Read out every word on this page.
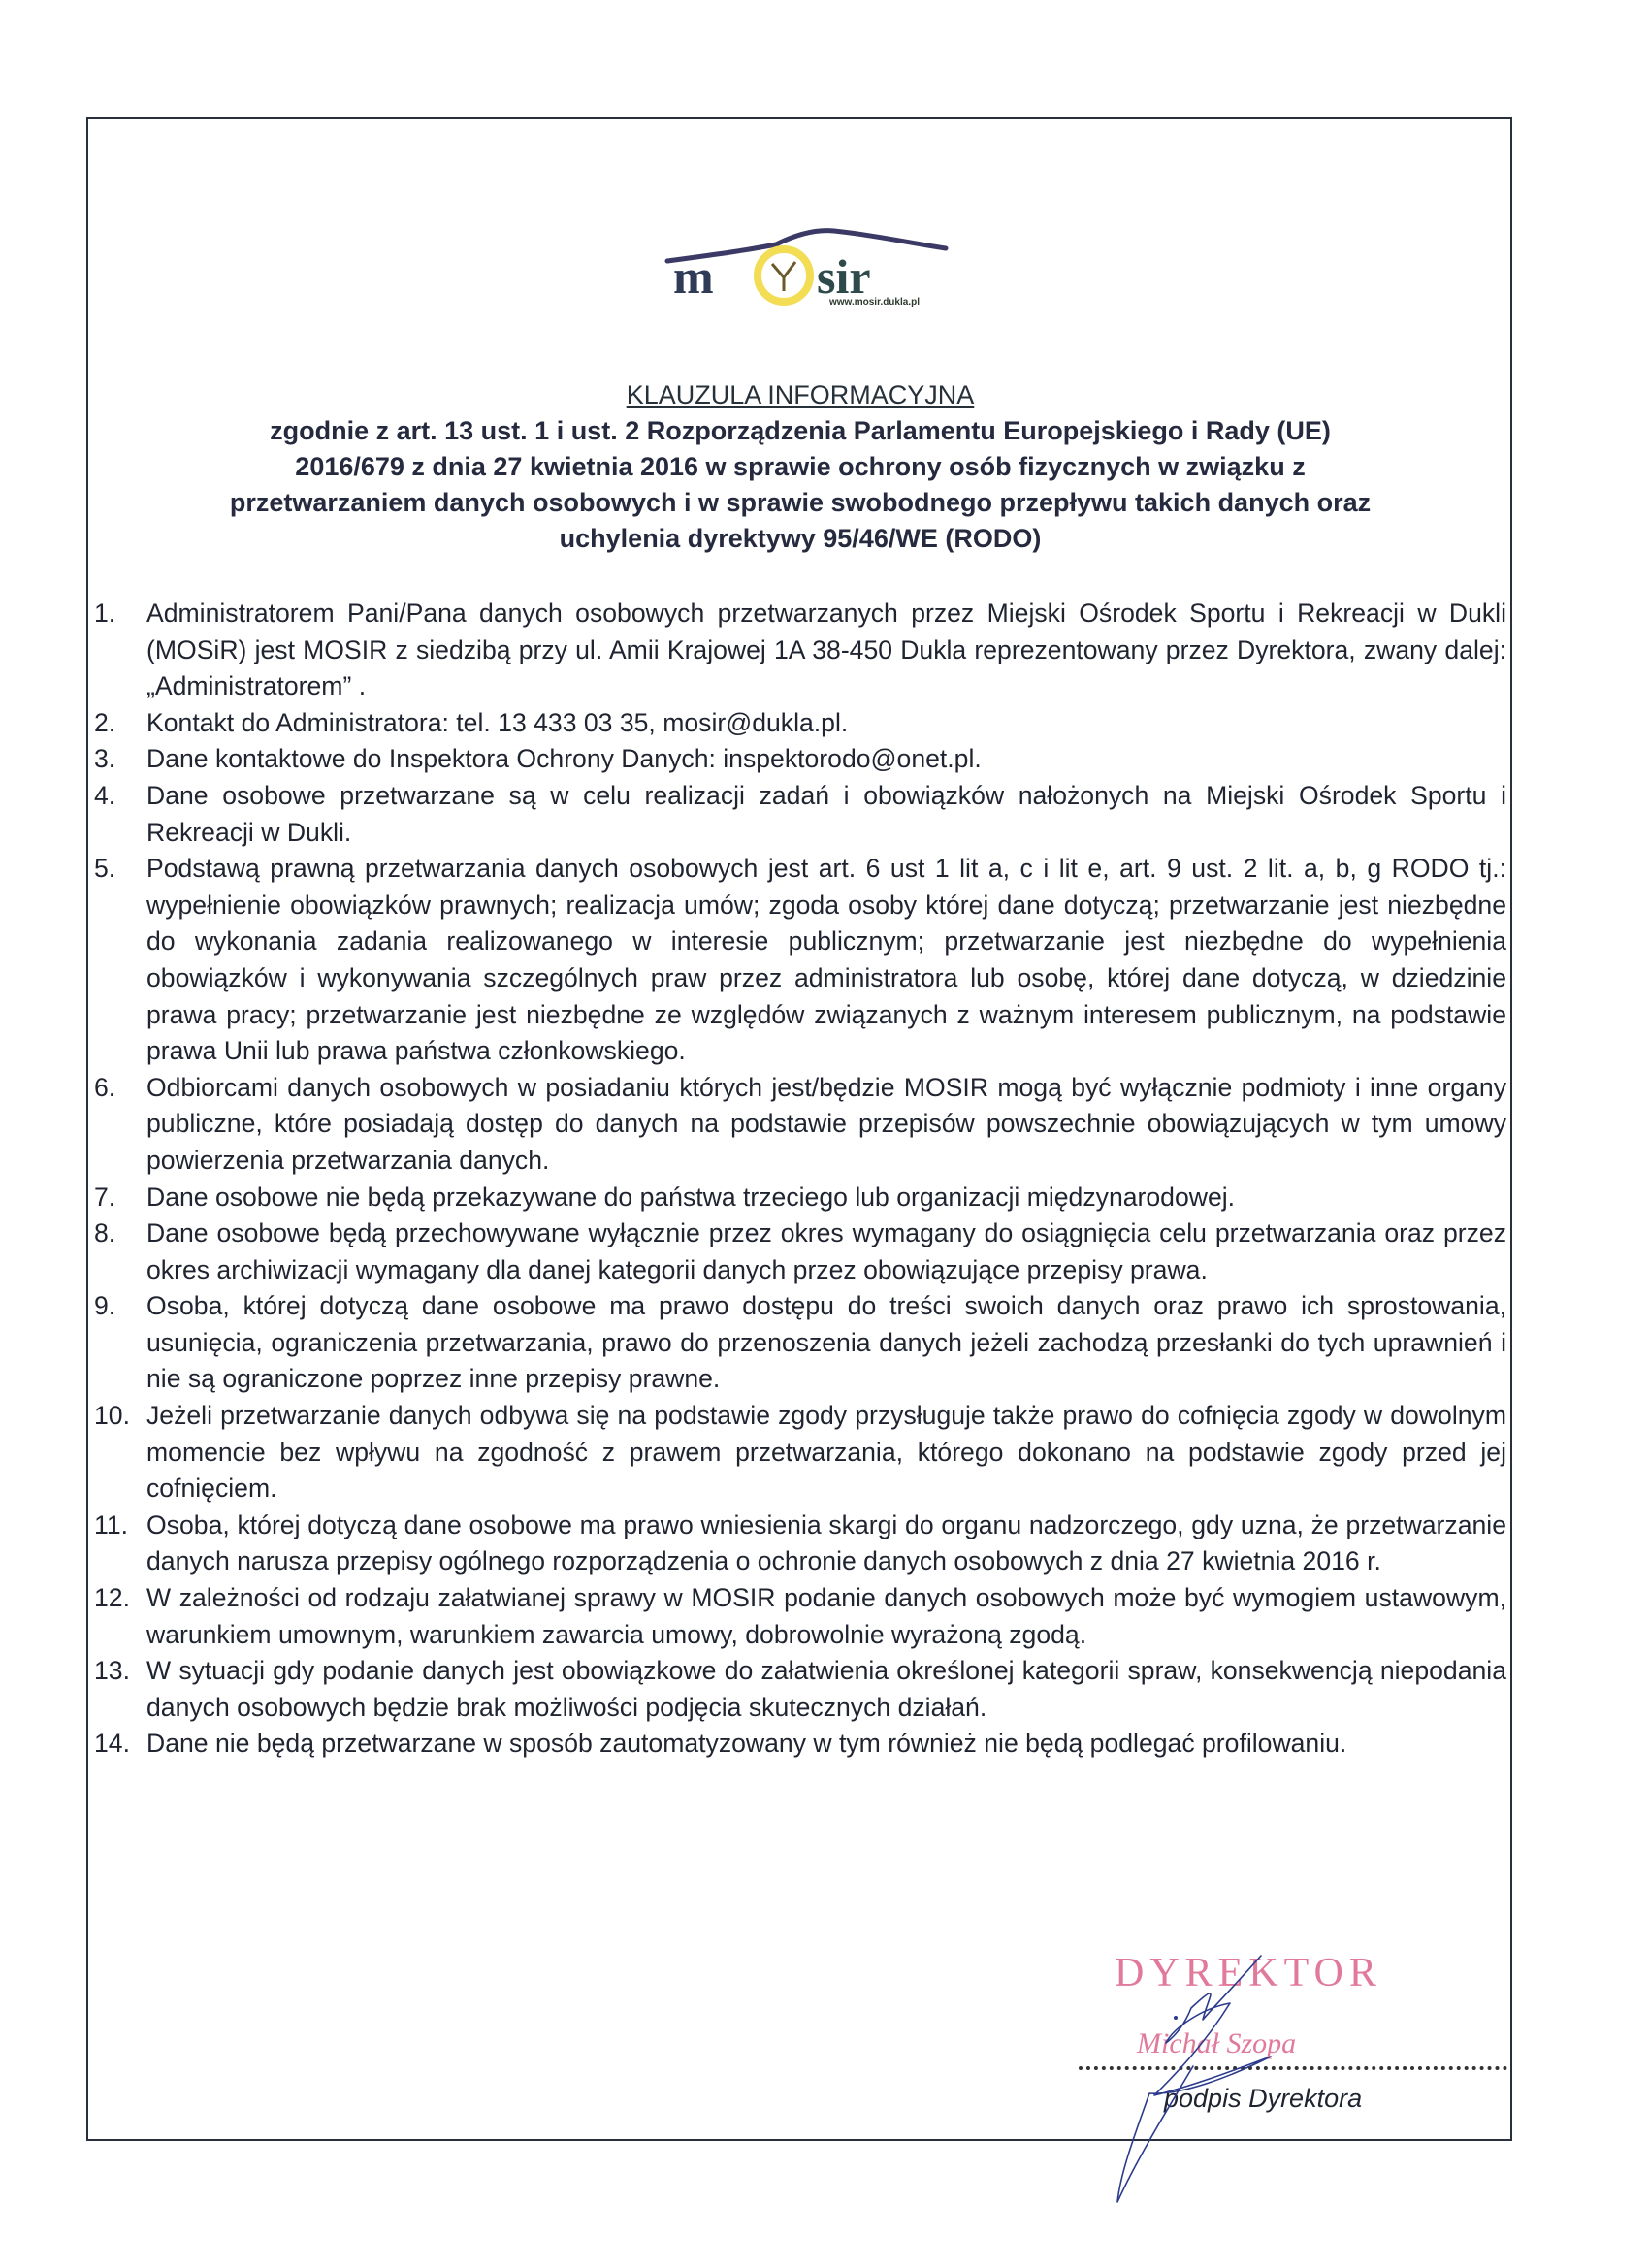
m sir
www.mosir.dukla.pl
KLAUZULA INFORMACYJNA
zgodnie z art. 13 ust. 1 i ust. 2 Rozporządzenia Parlamentu Europejskiego i Rady (UE)
2016/679 z dnia 27 kwietnia 2016 w sprawie ochrony osób fizycznych w związku z
przetwarzaniem danych osobowych i w sprawie swobodnego przepływu takich danych oraz
uchylenia dyrektywy 95/46/WE (RODO)
1.	Administratorem Pani/Pana danych osobowych przetwarzanych przez Miejski Ośrodek Sportu i Rekreacji w Dukli (MOSiR) jest MOSIR z siedzibą przy ul. Amii Krajowej 1A 38-450 Dukla reprezentowany przez Dyrektora, zwany dalej: „Administratorem” .
2.	Kontakt do Administratora: tel. 13 433 03 35, mosir@dukla.pl.
3.	Dane kontaktowe do Inspektora Ochrony Danych: inspektorodo@onet.pl.
4.	Dane osobowe przetwarzane są w celu realizacji zadań i obowiązków nałożonych na Miejski Ośrodek Sportu i Rekreacji w Dukli.
5.	Podstawą prawną przetwarzania danych osobowych jest art. 6 ust 1 lit a, c i lit e, art. 9 ust. 2 lit. a, b, g RODO tj.: wypełnienie obowiązków prawnych; realizacja umów; zgoda osoby której dane dotyczą; przetwarzanie jest niezbędne do wykonania zadania realizowanego w interesie publicznym; przetwarzanie jest niezbędne do wypełnienia obowiązków i wykonywania szczególnych praw przez administratora lub osobę, której dane dotyczą, w dziedzinie prawa pracy; przetwarzanie jest niezbędne ze względów związanych z ważnym interesem publicznym, na podstawie prawa Unii lub prawa państwa członkowskiego.
6.	Odbiorcami danych osobowych w posiadaniu których jest/będzie MOSIR mogą być wyłącznie podmioty i inne organy publiczne, które posiadają dostęp do danych na podstawie przepisów powszechnie obowiązujących w tym umowy powierzenia przetwarzania danych.
7.	Dane osobowe nie będą przekazywane do państwa trzeciego lub organizacji międzynarodowej.
8.	Dane osobowe będą przechowywane wyłącznie przez okres wymagany do osiągnięcia celu przetwarzania oraz przez okres archiwizacji wymagany dla danej kategorii danych przez obowiązujące przepisy prawa.
9.	Osoba, której dotyczą dane osobowe ma prawo dostępu do treści swoich danych oraz prawo ich sprostowania, usunięcia, ograniczenia przetwarzania, prawo do przenoszenia danych jeżeli zachodzą przesłanki do tych uprawnień i nie są ograniczone poprzez inne przepisy prawne.
10. Jeżeli przetwarzanie danych odbywa się na podstawie zgody przysługuje także prawo do cofnięcia zgody w dowolnym momencie bez wpływu na zgodność z prawem przetwarzania, którego dokonano na podstawie zgody przed jej cofnięciem.
11. Osoba, której dotyczą dane osobowe ma prawo wniesienia skargi do organu nadzorczego, gdy uzna, że przetwarzanie danych narusza przepisy ogólnego rozporządzenia o ochronie danych osobowych z dnia 27 kwietnia 2016 r.
12. W zależności od rodzaju załatwianej sprawy w MOSIR podanie danych osobowych może być wymogiem ustawowym, warunkiem umownym, warunkiem zawarcia umowy, dobrowolnie wyrażoną zgodą.
13. W sytuacji gdy podanie danych jest obowiązkowe do załatwienia określonej kategorii spraw, konsekwencją niepodania danych osobowych będzie brak możliwości podjęcia skutecznych działań.
14. Dane nie będą przetwarzane w sposób zautomatyzowany w tym również nie będą podlegać profilowaniu.
DYREKTOR
Michał Szopa
podpis Dyrektora
